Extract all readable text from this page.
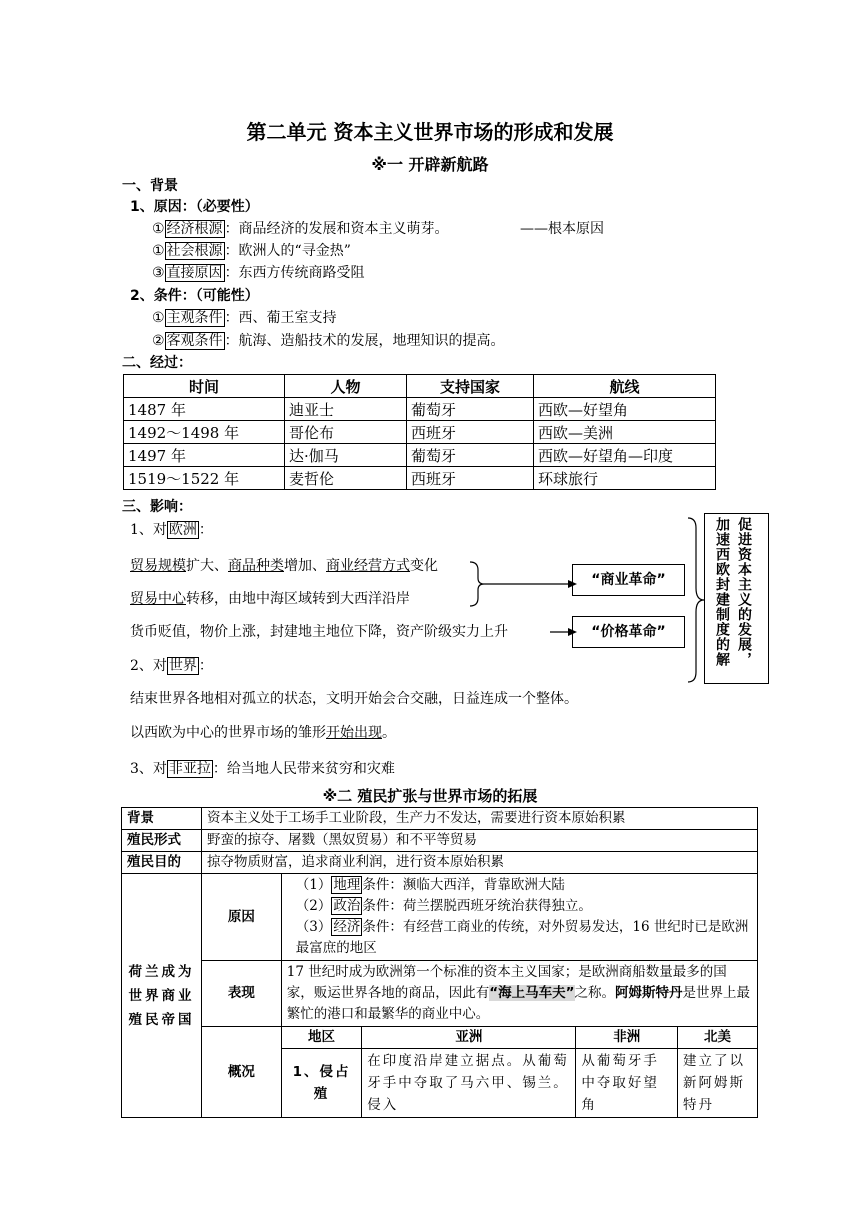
第二单元 资本主义世界市场的形成和发展
※一 开辟新航路
一、背景
1、原因：（必要性）
① 经济根源 ：商品经济的发展和资本主义萌芽。	——根本原因
① 社会根源 ：欧洲人的“寻金热”
③ 直接原因 ：东西方传统商路受阻
2、条件：（可能性）
① 主观条件 ：西、葡王室支持
② 客观条件 ：航海、造船技术的发展，地理知识的提高。
二、经过：
时间	人物	支持国家	航线
1487 年	迪亚士	葡萄牙	西欧—好望角
1492～1498 年	哥伦布	西班牙	西欧—美洲
1497 年	达·伽马	葡萄牙	西欧—好望角—印度
1519～1522 年	麦哲伦	西班牙	环球旅行
三、影响：
1、对 欧洲 ：
贸易规模扩大、商品种类增加、商业经营方式变化
贸易中心转移，由地中海区域转到大西洋沿岸
货币贬值，物价上涨，封建地主地位下降，资产阶级实力上升
“商业革命”
“价格革命”	促进资本主义的发展，
加速西欧封建制度的解
2、对 世界 ：
结束世界各地相对孤立的状态，文明开始会合交融，日益连成一个整体。
以西欧为中心的世界市场的雏形开始出现。
3、对 非亚拉 ：给当地人民带来贫穷和灾难
※二 殖民扩张与世界市场的拓展
背景	资本主义处于工场手工业阶段，生产力不发达，需要进行资本原始积累				
殖民形式	野蛮的掠夺、屠戮（黑奴贸易）和不平等贸易				
殖民目的	掠夺物质财富，追求商业利润，进行资本原始积累				
荷兰成为世界商业殖民帝国	原因	（1） 地理 条件：濒临大西洋，背靠欧洲大陆
（2） 政治 条件：荷兰摆脱西班牙统治获得独立。
（3） 经济 条件：有经营工商业的传统，对外贸易发达，16 世纪时已是欧洲最富庶的地区			

	表现	17 世纪时成为欧洲第一个标准的资本主义国家；是欧洲商船数量最多的国家，贩运世界各地的商品，因此有“海上马车夫”之称。阿姆斯特丹是世界上最繁忙的港口和最繁华的商业中心。			
	概况	地区	亚洲	非洲	北美
		1、侵占殖	在印度沿岸建立据点。从葡萄牙手中夺取了马六甲、锡兰。侵入	从葡萄牙手中夺取好望角	建立了以新阿姆斯特丹
